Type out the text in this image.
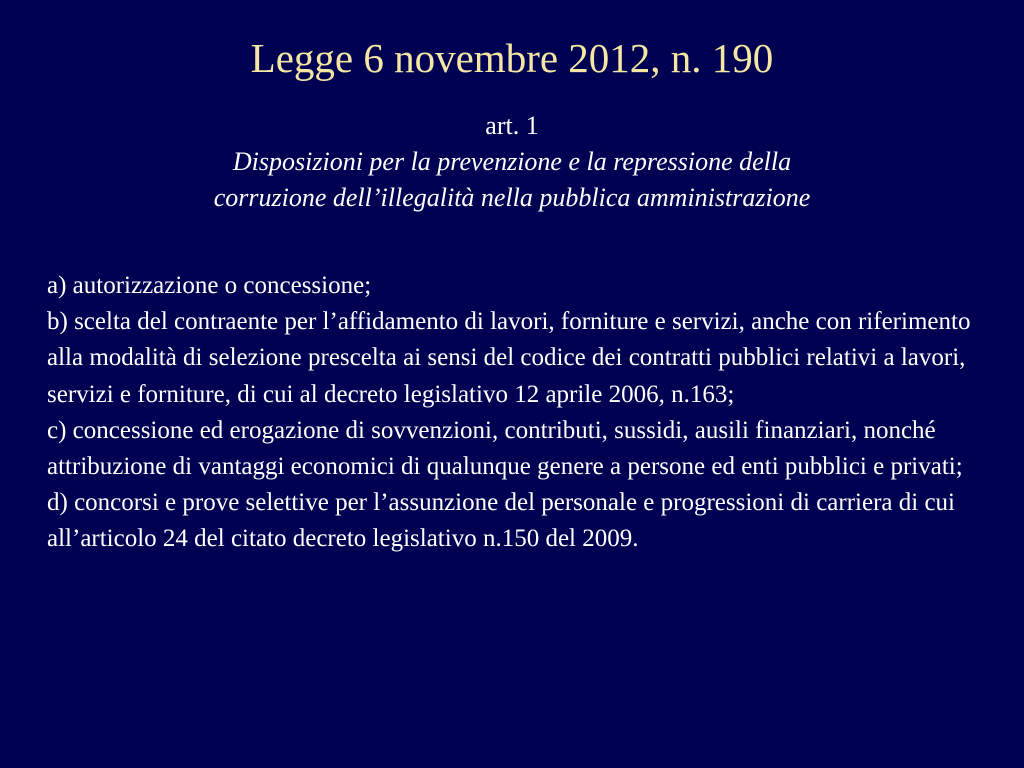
Legge 6 novembre 2012, n. 190
art. 1
Disposizioni per la prevenzione e la repressione della
corruzione dell’illegalità nella pubblica amministrazione

a) autorizzazione o concessione;

b) scelta del contraente per l’affidamento di lavori, forniture e servizi, anche con riferimento alla modalità di selezione prescelta ai sensi del codice dei contratti pubblici relativi a lavori, servizi e forniture, di cui al decreto legislativo 12 aprile 2006, n.163;

c) concessione ed erogazione di sovvenzioni, contributi, sussidi, ausili finanziari, nonché attribuzione di vantaggi economici di qualunque genere a persone ed enti pubblici e privati;

d) concorsi e prove selettive per l’assunzione del personale e progressioni di carriera di cui all’articolo 24 del citato decreto legislativo n.150 del 2009.
